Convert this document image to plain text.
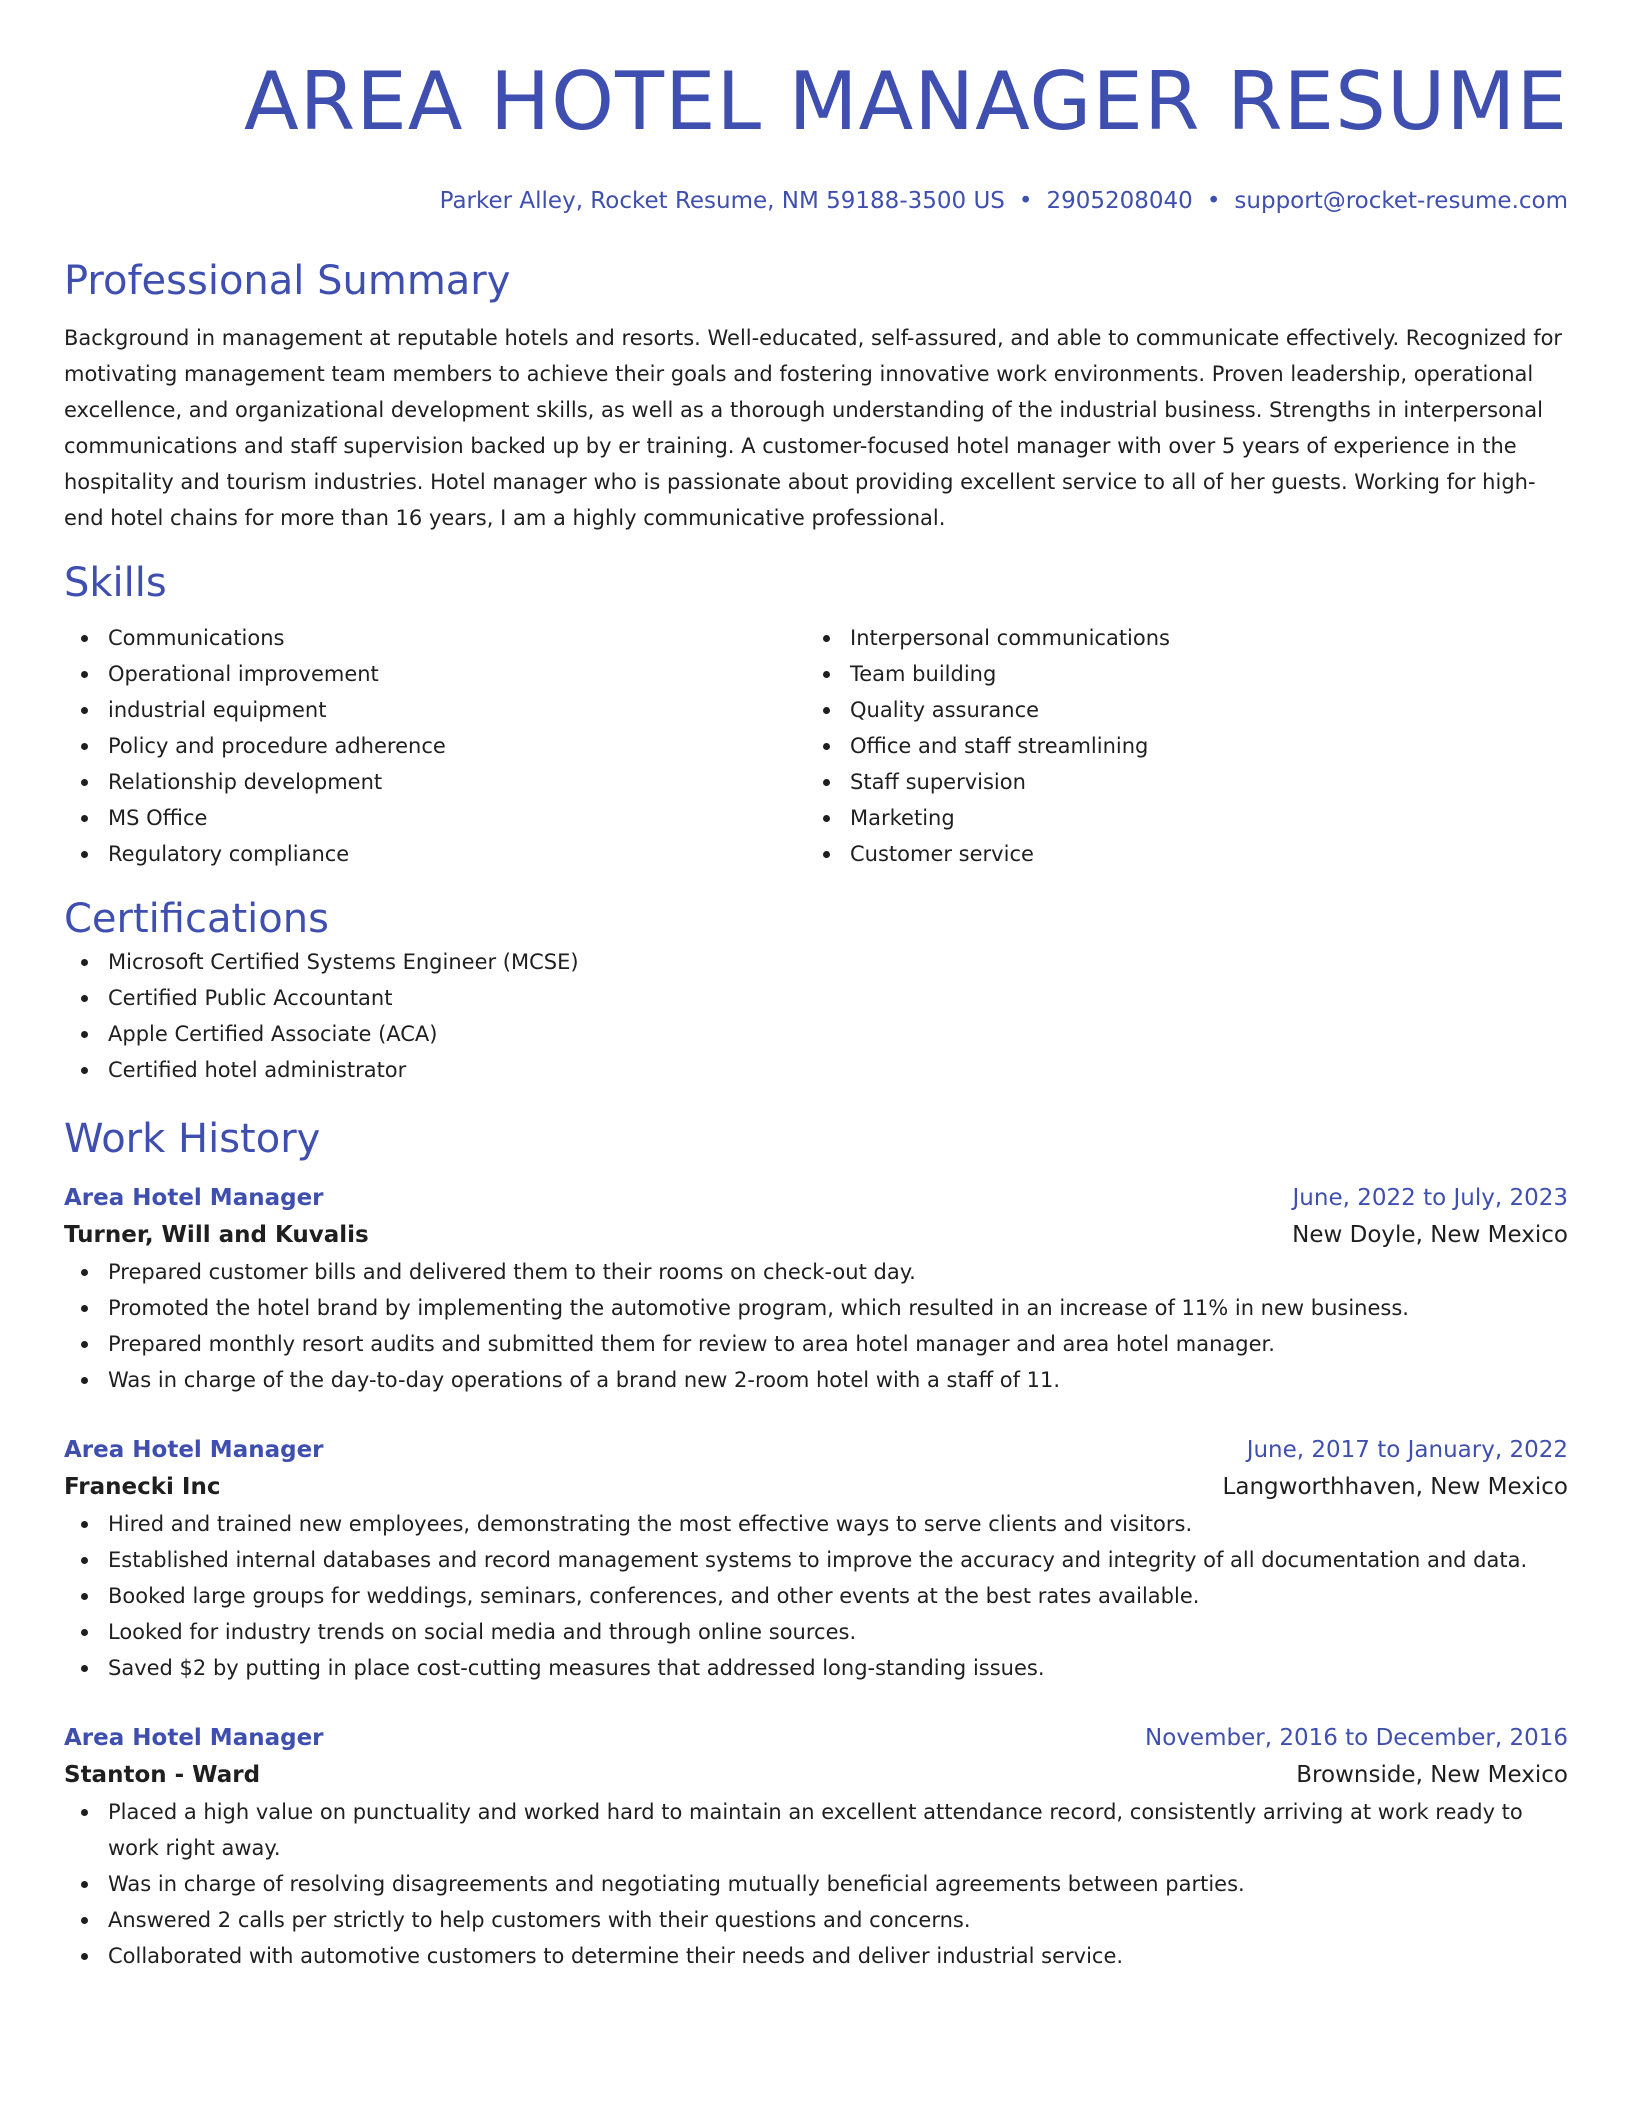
AREA HOTEL MANAGER RESUME
Parker Alley, Rocket Resume, NM 59188-3500 US • 2905208040 • support@rocket-resume.com
Professional Summary

Background in management at reputable hotels and resorts. Well-educated, self-assured, and able to communicate effectively. Recognized for motivating management team members to achieve their goals and fostering innovative work environments. Proven leadership, operational excellence, and organizational development skills, as well as a thorough understanding of the industrial business. Strengths in interpersonal communications and staff supervision backed up by er training. A customer-focused hotel manager with over 5 years of experience in the hospitality and tourism industries. Hotel manager who is passionate about providing excellent service to all of her guests. Working for high-end hotel chains for more than 16 years, I am a highly communicative professional.

Skills
Communications
Operational improvement
industrial equipment
Policy and procedure adherence
Relationship development
MS Office
Regulatory compliance
Interpersonal communications
Team building
Quality assurance
Office and staff streamlining
Staff supervision
Marketing
Customer service
Certifications
Microsoft Certified Systems Engineer (MCSE)
Certified Public Accountant
Apple Certified Associate (ACA)
Certified hotel administrator
Work History
Area Hotel Manager	June, 2022 to July, 2023
Turner, Will and Kuvalis	New Doyle, New Mexico
Prepared customer bills and delivered them to their rooms on check-out day.
Promoted the hotel brand by implementing the automotive program, which resulted in an increase of 11% in new business.
Prepared monthly resort audits and submitted them for review to area hotel manager and area hotel manager.
Was in charge of the day-to-day operations of a brand new 2-room hotel with a staff of 11.
Area Hotel Manager	June, 2017 to January, 2022
Franecki Inc	Langworthhaven, New Mexico
Hired and trained new employees, demonstrating the most effective ways to serve clients and visitors.
Established internal databases and record management systems to improve the accuracy and integrity of all documentation and data.
Booked large groups for weddings, seminars, conferences, and other events at the best rates available.
Looked for industry trends on social media and through online sources.
Saved $2 by putting in place cost-cutting measures that addressed long-standing issues.
Area Hotel Manager	November, 2016 to December, 2016
Stanton - Ward	Brownside, New Mexico
Placed a high value on punctuality and worked hard to maintain an excellent attendance record, consistently arriving at work ready to work right away.
Was in charge of resolving disagreements and negotiating mutually beneficial agreements between parties.
Answered 2 calls per strictly to help customers with their questions and concerns.
Collaborated with automotive customers to determine their needs and deliver industrial service.
